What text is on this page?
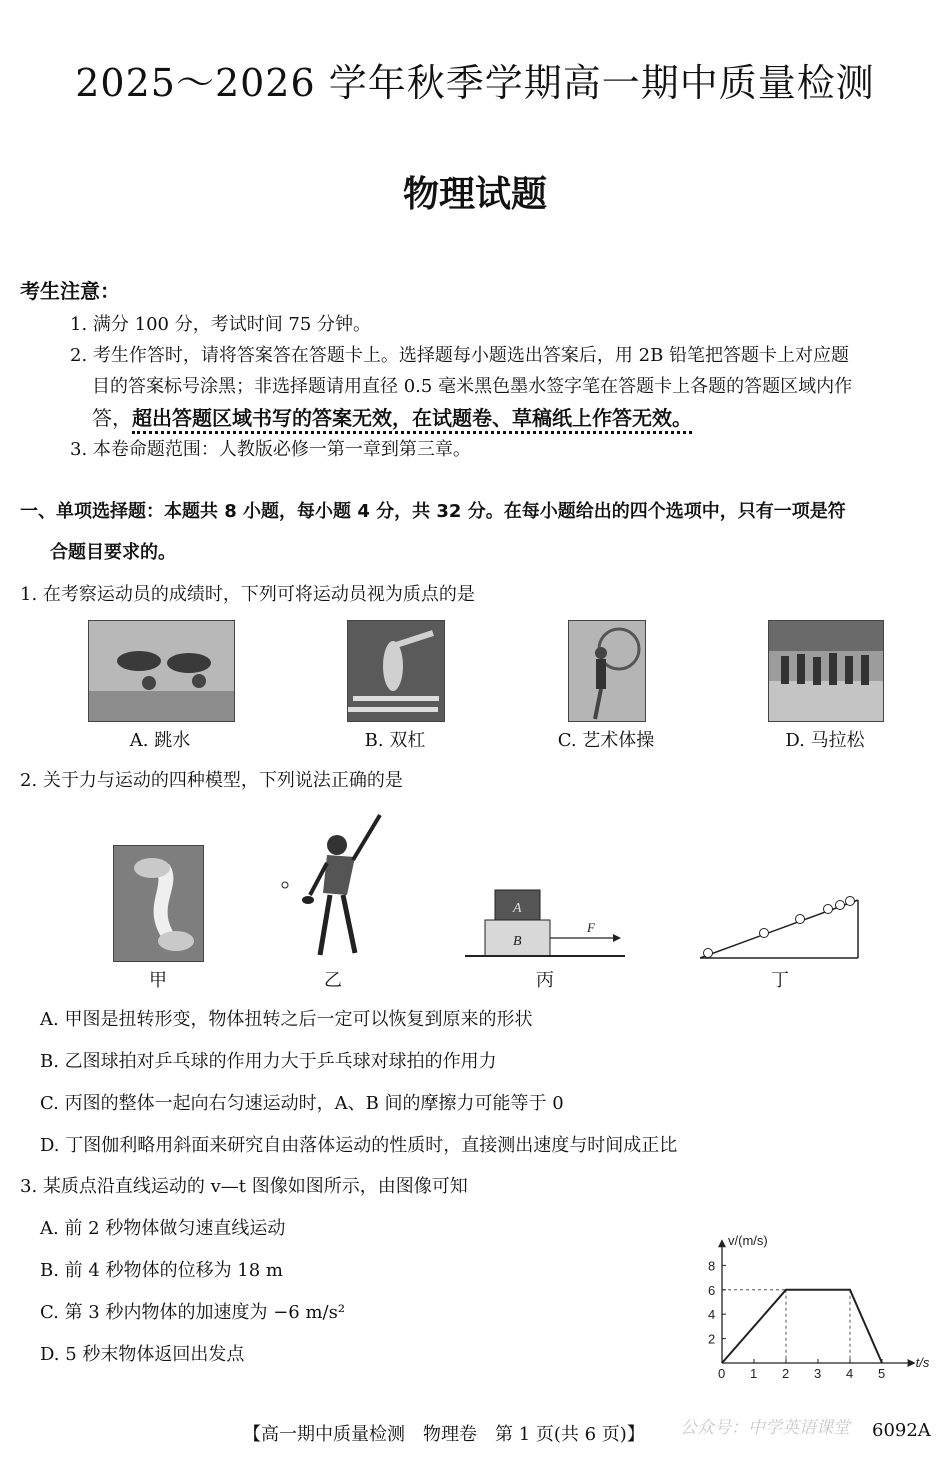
2025～2026 学年秋季学期高一期中质量检测
物理试题
考生注意：
1. 满分 100 分，考试时间 75 分钟。
2. 考生作答时，请将答案答在答题卡上。选择题每小题选出答案后，用 2B 铅笔把答题卡上对应题
目的答案标号涂黑；非选择题请用直径 0.5 毫米黑色墨水签字笔在答题卡上各题的答题区域内作
答，超出答题区域书写的答案无效，在试题卷、草稿纸上作答无效。
3. 本卷命题范围：人教版必修一第一章到第三章。
一、单项选择题：本题共 8 小题，每小题 4 分，共 32 分。在每小题给出的四个选项中，只有一项是符
合题目要求的。
1. 在考察运动员的成绩时，下列可将运动员视为质点的是
A. 跳水	B. 双杠	C. 艺术体操	D. 马拉松
2. 关于力与运动的四种模型，下列说法正确的是
A
B
F
甲	乙	丙	丁
A. 甲图是扭转形变，物体扭转之后一定可以恢复到原来的形状
B. 乙图球拍对乒乓球的作用力大于乒乓球对球拍的作用力
C. 丙图的整体一起向右匀速运动时，A、B 间的摩擦力可能等于 0
D. 丁图伽利略用斜面来研究自由落体运动的性质时，直接测出速度与时间成正比
3. 某质点沿直线运动的 v—t 图像如图所示，由图像可知
A. 前 2 秒物体做匀速直线运动
B. 前 4 秒物体的位移为 18 m
C. 第 3 秒内物体的加速度为 −6 m/s²
D. 5 秒末物体返回出发点
1 2 3 4 5
2
4
6
8
v/(m/s)
t/s
0
公众号：中学英语课堂
【高一期中质量检测　物理卷　第 1 页(共 6 页)】	6092A
